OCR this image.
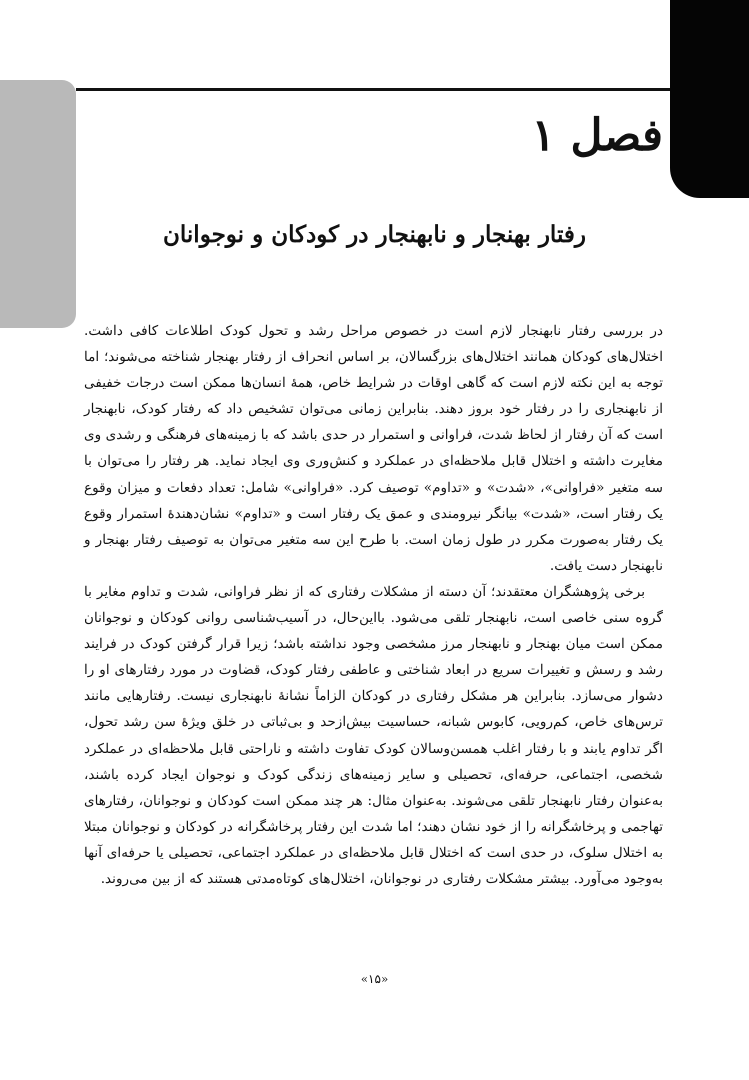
فصل ۱
رفتار بهنجار و نابهنجار در کودکان و نوجوانان

در بررسی رفتار نابهنجار لازم است در خصوص مراحل رشد و تحول کودک اطلاعات کافی داشت. اختلال‌های کودکان همانند اختلال‌های بزرگسالان، بر اساس انحراف از رفتار بهنجار شناخته می‌شوند؛ اما توجه به این نکته لازم است که گاهی اوقات در شرایط خاص، همهٔ انسان‌ها ممکن است درجات خفیفی از نابهنجاری را در رفتار خود بروز دهند. بنابراین زمانی می‌توان تشخیص داد که رفتار کودک، نابهنجار است که آن رفتار از لحاظ شدت، فراوانی و استمرار در حدی باشد که با زمینه‌های فرهنگی و رشدی وی مغایرت داشته و اختلال قابل ملاحظه‌ای در عملکرد و کنش‌وری وی ایجاد نماید. هر رفتار را می‌توان با سه متغیر «فراوانی»، «شدت» و «تداوم» توصیف کرد. «فراوانی» شامل: تعداد دفعات و میزان وقوع یک رفتار است، «شدت» بیانگر نیرومندی و عمق یک رفتار است و «تداوم» نشان‌دهندهٔ استمرار وقوع یک رفتار به‌صورت مکرر در طول زمان است. با طرح این سه متغیر می‌توان به توصیف رفتار بهنجار و نابهنجار دست یافت.

برخی پژوهشگران معتقدند؛ آن دسته از مشکلات رفتاری که از نظر فراوانی، شدت و تداوم مغایر با گروه سنی خاصی است، نابهنجار تلقی می‌شود. بااین‌حال، در آسیب‌شناسی روانی کودکان و نوجوانان ممکن است میان بهنجار و نابهنجار مرز مشخصی وجود نداشته باشد؛ زیرا قرار گرفتن کودک در فرایند رشد و رسش و تغییرات سریع در ابعاد شناختی و عاطفی رفتار کودک، قضاوت در مورد رفتارهای او را دشوار می‌سازد. بنابراین هر مشکل رفتاری در کودکان الزاماً نشانهٔ نابهنجاری نیست. رفتارهایی مانند ترس‌های خاص، کم‌رویی، کابوس شبانه، حساسیت بیش‌ازحد و بی‌ثباتی در خلق ویژهٔ سن رشد تحول، اگر تداوم یابند و با رفتار اغلب همسن‌وسالان کودک تفاوت داشته و ناراحتی قابل ملاحظه‌ای در عملکرد شخصی، اجتماعی، حرفه‌ای، تحصیلی و سایر زمینه‌های زندگی کودک و نوجوان ایجاد کرده باشند، به‌عنوان رفتار نابهنجار تلقی می‌شوند. به‌عنوان مثال: هر چند ممکن است کودکان و نوجوانان، رفتارهای تهاجمی و پرخاشگرانه را از خود نشان دهند؛ اما شدت این رفتار پرخاشگرانه در کودکان و نوجوانان مبتلا به اختلال سلوک، در حدی است که اختلال قابل ملاحظه‌ای در عملکرد اجتماعی، تحصیلی یا حرفه‌ای آنها به‌وجود می‌آورد. بیشتر مشکلات رفتاری در نوجوانان، اختلال‌های کوتاه‌مدتی هستند که از بین می‌روند.

«۱۵»
